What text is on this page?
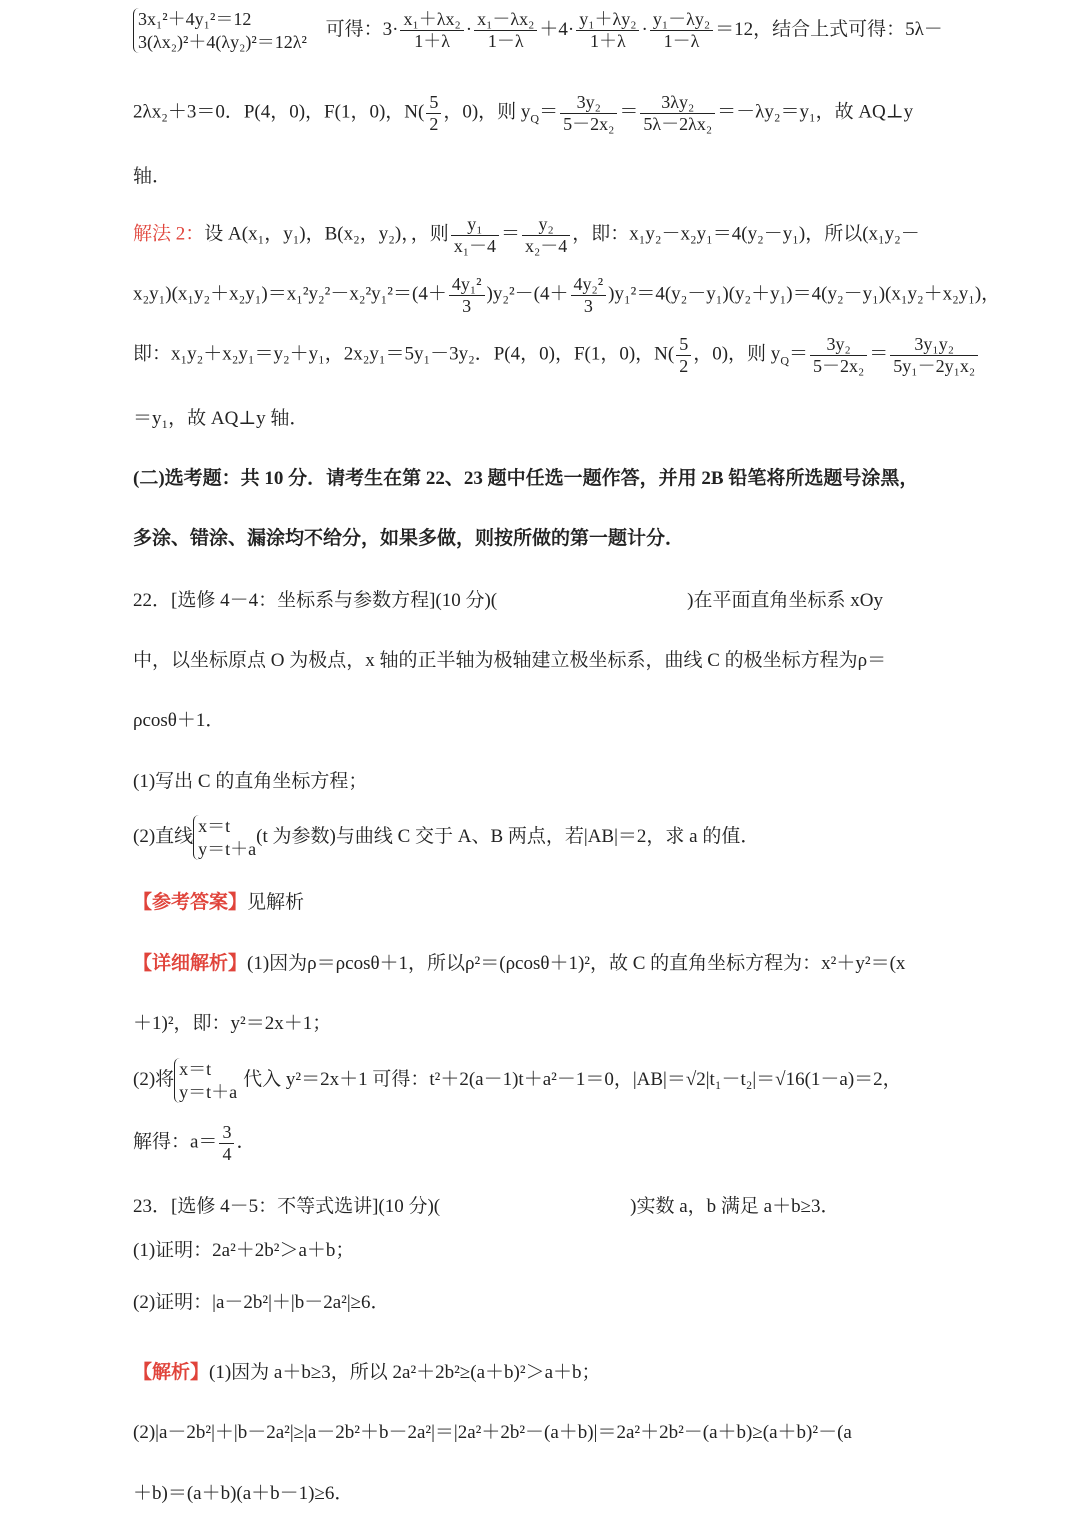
3x₁²＋4y₁²＝12
3(λx₂)²＋4(λy₂)²＝12λ²
可得：$3\cdot \frac{\text{x₁＋λx₂}}{1+\lambda} \cdot \frac{\text{x₁－λx₂}}{1-\lambda} +4\cdot \frac{\text{y₁＋λy₂}}{1+\lambda} \cdot \frac{\text{y₁－λy₂}}{1-\lambda} =12$，结合上式可得：5λ－
2λx₂＋3＝0．P(4，0)，F(1，0)，$N( \frac{5}{2}$ ，0)，则 $y_Q= \frac{\text{3y₂}}{\text{5－2x₂}} = \frac{\text{3λy₂}}{\text{5λ－2λx₂}} =-\lambda y_2=y_1$，故 AQ⊥y
轴．
解法 2：设 A(x₁，y₁)，B(x₂，y₂)，，则 $\frac{\text{y₁}}{\text{x₁－4}} = \frac{\text{y₂}}{\text{x₂－4}}$ ，即：x₁y₂－x₂y₁＝4(y₂－y₁)，所以(x₁y₂－
$x_2y_1)(x_1y_2+x_2y_1)=x_1^2y_2^2-x_2^2y_1^2=(4+ \frac{\text{4y₁²}}{3} )y_2^2-(4+ \frac{\text{4y₂²}}{3} )y_1^2=4(y_2-y_1)(y_2+y_1)=4(y_2-y_1)(x_1y_2+x_2y_1)$，
即：x₁y₂＋x₂y₁＝y₂＋y₁，2x₂y₁＝5y₁－3y₂．P(4，0)，F(1，0)，$N( \frac{5}{2}$ ，0)，则 $y_Q= \frac{\text{3y₂}}{\text{5－2x₂}} = \frac{\text{3y₁y₂}}{\text{5y₁－2y₁x₂}}$
＝y₁，故 AQ⊥y 轴．
(二)选考题：共 10 分．请考生在第 22、23 题中任选一题作答，并用 2B 铅笔将所选题号涂黑，
多涂、错涂、漏涂均不给分，如果多做，则按所做的第一题计分．
22．[选修 4－4：坐标系与参数方程](10 分)(	)在平面直角坐标系 xOy
中，以坐标原点 O 为极点，x 轴的正半轴为极轴建立极坐标系，曲线 C 的极坐标方程为ρ＝
ρcosθ＋1．
(1)写出 C 的直角坐标方程；
(2)直线 x＝t
y＝t＋a
(t 为参数)与曲线 C 交于 A、B 两点，若|AB|＝2，求 a 的值．
【参考答案】见解析
【详细解析】(1)因为ρ＝ρcosθ＋1，所以ρ²＝(ρcosθ＋1)²，故 C 的直角坐标方程为：x²＋y²＝(x
＋1)²，即：y²＝2x＋1；
(2)将 x＝t
y＝t＋a
代入 y²＝2x＋1 可得：t²＋2(a－1)t＋a²－1＝0，|AB|＝√2|t₁－t₂|＝√16(1－a)＝2，
解得：$a= \frac{3}{4}$ ．
23．[选修 4－5：不等式选讲](10 分)(	)实数 a，b 满足 a＋b≥3．
(1)证明：2a²＋2b²＞a＋b；
(2)证明：|a－2b²|＋|b－2a²|≥6．
【解析】(1)因为 a＋b≥3，所以 2a²＋2b²≥(a＋b)²＞a＋b；
(2)|a－2b²|＋|b－2a²|≥|a－2b²＋b－2a²|＝|2a²＋2b²－(a＋b)|＝2a²＋2b²－(a＋b)≥(a＋b)²－(a
＋b)＝(a＋b)(a＋b－1)≥6．
